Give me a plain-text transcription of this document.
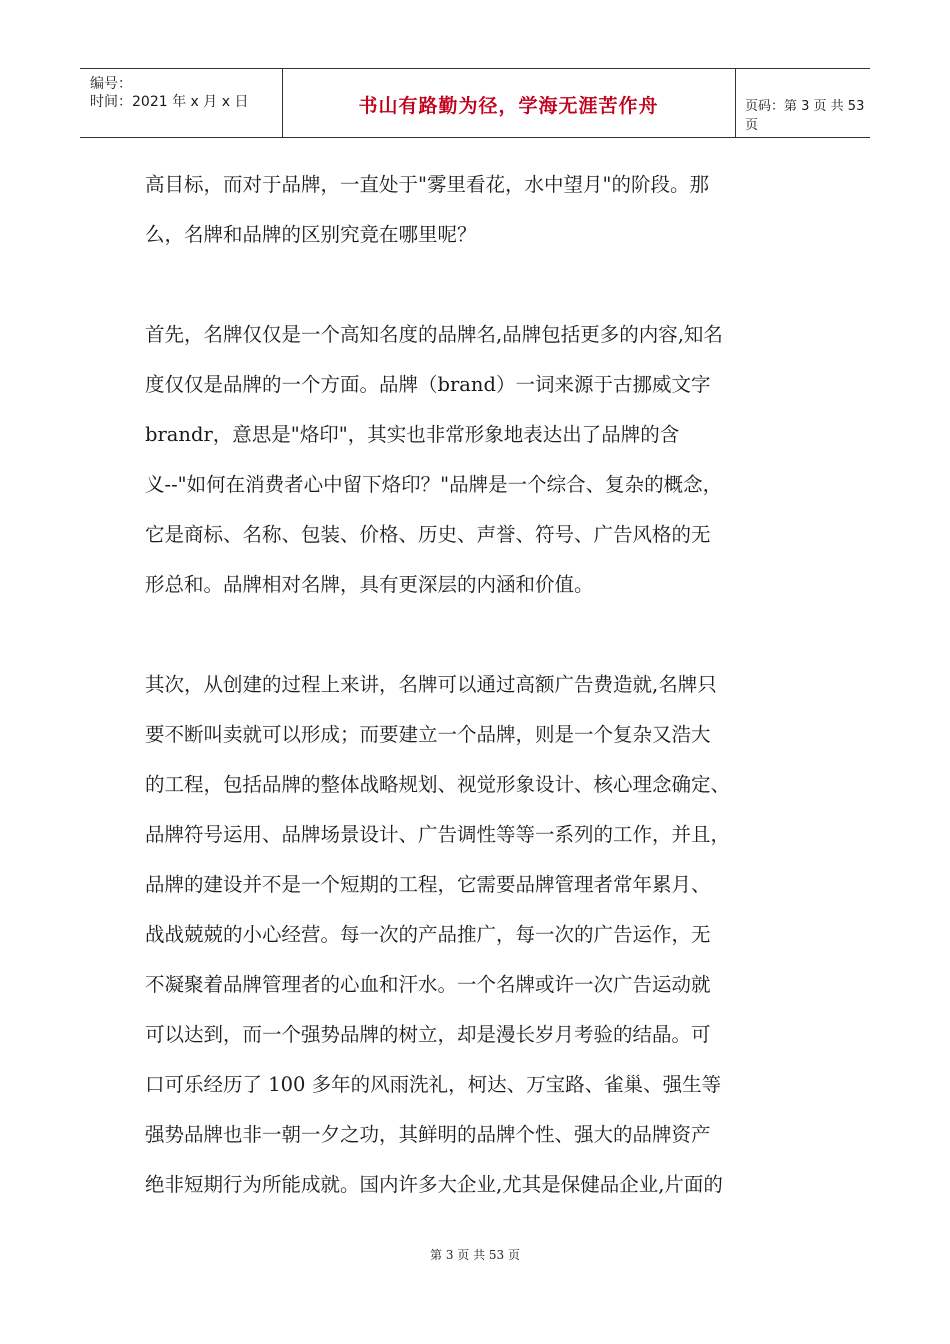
编号：
时间：2021 年 x 月 x 日	书山有路勤为径，学海无涯苦作舟	页码：第 3 页 共 53 页
高目标，而对于品牌，一直处于"雾里看花，水中望月"的阶段。那
么，名牌和品牌的区别究竟在哪里呢？
首先，名牌仅仅是一个高知名度的品牌名,品牌包括更多的内容,知名
度仅仅是品牌的一个方面。品牌（brand）一词来源于古挪威文字
brandr，意思是"烙印"，其实也非常形象地表达出了品牌的含
义--"如何在消费者心中留下烙印？"品牌是一个综合、复杂的概念，
它是商标、名称、包装、价格、历史、声誉、符号、广告风格的无
形总和。品牌相对名牌，具有更深层的内涵和价值。
其次，从创建的过程上来讲，名牌可以通过高额广告费造就,名牌只
要不断叫卖就可以形成；而要建立一个品牌，则是一个复杂又浩大
的工程，包括品牌的整体战略规划、视觉形象设计、核心理念确定、
品牌符号运用、品牌场景设计、广告调性等等一系列的工作，并且，
品牌的建设并不是一个短期的工程，它需要品牌管理者常年累月、
战战兢兢的小心经营。每一次的产品推广，每一次的广告运作，无
不凝聚着品牌管理者的心血和汗水。一个名牌或许一次广告运动就
可以达到，而一个强势品牌的树立，却是漫长岁月考验的结晶。可
口可乐经历了 100 多年的风雨洗礼，柯达、万宝路、雀巢、强生等
强势品牌也非一朝一夕之功，其鲜明的品牌个性、强大的品牌资产
绝非短期行为所能成就。国内许多大企业,尤其是保健品企业,片面的
第 3 页 共 53 页
